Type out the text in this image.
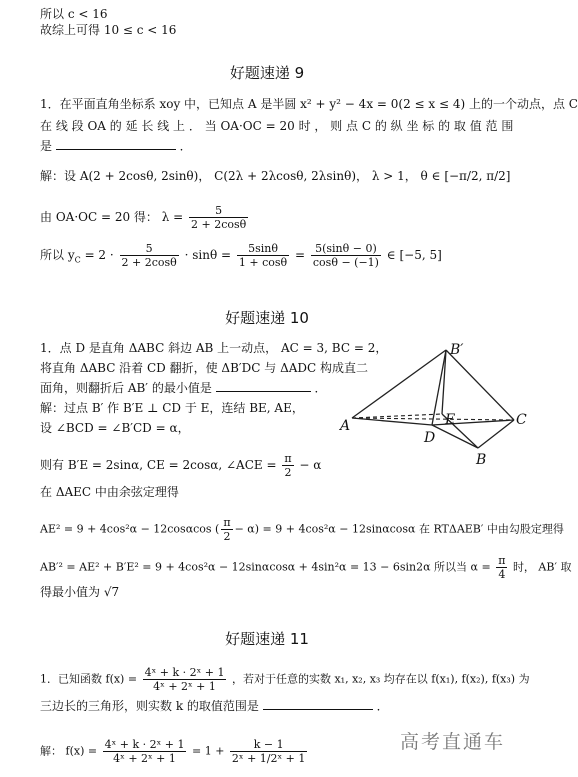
所以 c < 16
故综上可得 10 ≤ c < 16
好题速递 9
1．在平面直角坐标系 xoy 中，已知点 A 是半圆 x² + y² − 4x = 0(2 ≤ x ≤ 4) 上的一个动点，点 C
在 线 段 OA 的 延 长 线 上 ． 当 OA·OC = 20 时 ， 则 点 C 的 纵 坐 标 的 取 值 范 围
是	．
解：设 A(2 + 2cosθ, 2sinθ)， C(2λ + 2λcosθ, 2λsinθ)， λ > 1， θ ∈ [−π/2, π/2]
由 OA·OC = 20 得： $\lambda = \frac{5}{2 + 2\cos\theta}$
所以 $y_C = 2 \cdot \frac{5}{2 + 2\cos\theta} \cdot \sin\theta = \frac{5\sin\theta}{1 + \cos\theta} = \frac{5(\sin\theta - 0)}{\cos\theta - (-1)}$ ∈ [−5, 5]
好题速递 10
1．点 D 是直角 ΔABC 斜边 AB 上一动点， AC = 3, BC = 2，
将直角 ΔABC 沿着 CD 翻折，使 ΔB′DC 与 ΔADC 构成直二
面角，则翻折后 AB′ 的最小值是	．
解：过点 B′ 作 B′E ⊥ CD 于 E，连结 BE, AE，
设 ∠BCD = ∠B′CD = α，
B′
A	E	C
D
B
则有 B′E = 2sinα, CE = 2cosα, ∠ACE = $\frac{\pi}{2} - \alpha$
在 ΔAEC 中由余弦定理得
AE² = 9 + 4cos²α − 12cosαcos ( $\frac{\pi}{2} - \alpha) = 9 + 4\cos^2\alpha - 12\sin\alpha\cos\alpha$ 在 RTΔAEB′ 中由勾股定理得
AB′² = AE² + B′E² = 9 + 4cos²α − 12sinαcosα + 4sin²α = 13 − 6sin2α 所以当 $\alpha = \frac{\pi}{4}$ 时， AB′ 取
得最小值为 √7
好题速递 11
1．已知函数 $f(x) = \frac{\text{4ˣ + k · 2ˣ + 1}}{\text{4ˣ + 2ˣ + 1}}$ ，若对于任意的实数 x₁, x₂, x₃ 均存在以 f(x₁), f(x₂), f(x₃) 为
三边长的三角形，则实数 k 的取值范围是	．
解： $f(x) = \frac{\text{4ˣ + k · 2ˣ + 1}}{\text{4ˣ + 2ˣ + 1}} = 1 + \frac{k - 1}{\text{2ˣ + 1/2ˣ + 1}}$	高考直通车
